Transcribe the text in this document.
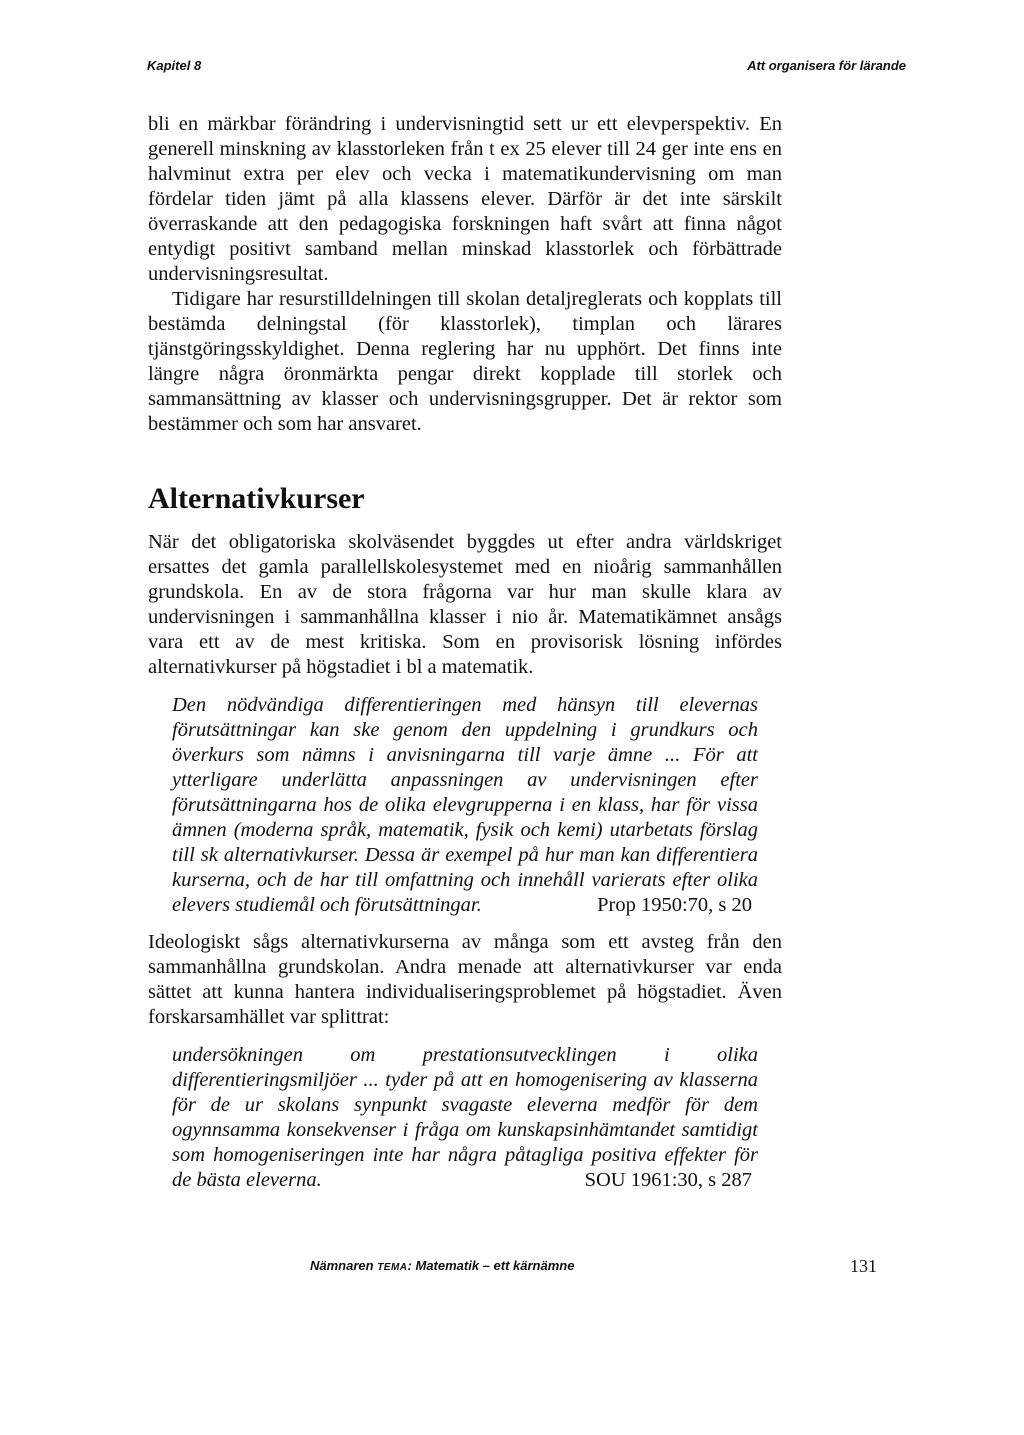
Kapitel 8	Att organisera för lärande

bli en märkbar förändring i undervisningtid sett ur ett elevperspektiv. En generell minskning av klasstorleken från t ex 25 elever till 24 ger inte ens en halvminut extra per elev och vecka i matematikundervisning om man fördelar tiden jämt på alla klassens elever. Därför är det inte särskilt överraskande att den pedagogiska forskningen haft svårt att finna något entydigt positivt samband mellan minskad klasstorlek och förbättrade undervisningsresultat.

Tidigare har resurstilldelningen till skolan detaljreglerats och kopplats till bestämda delningstal (för klasstorlek), timplan och lärares tjänstgöringsskyldighet. Denna reglering har nu upphört. Det finns inte längre några öronmärkta pengar direkt kopplade till storlek och sammansättning av klasser och undervisningsgrupper. Det är rektor som bestämmer och som har ansvaret.

Alternativkurser

När det obligatoriska skolväsendet byggdes ut efter andra världskriget ersattes det gamla parallellskolesystemet med en nioårig sammanhållen grundskola. En av de stora frågorna var hur man skulle klara av undervisningen i sammanhållna klasser i nio år. Matematikämnet ansågs vara ett av de mest kritiska. Som en provisorisk lösning infördes alternativkurser på högstadiet i bl a matematik.

Den nödvändiga differentieringen med hänsyn till elevernas förutsättningar kan ske genom den uppdelning i grundkurs och överkurs som nämns i anvisningarna till varje ämne ... För att ytterligare underlätta anpassningen av undervisningen efter förutsättningarna hos de olika elevgrupperna i en klass, har för vissa ämnen (moderna språk, matematik, fysik och kemi) utarbetats förslag till sk alternativkurser. Dessa är exempel på hur man kan differentiera kurserna, och de har till omfattning och innehåll varierats efter olika elevers studiemål och förutsättningar.	Prop 1950:70, s 20

Ideologiskt sågs alternativkurserna av många som ett avsteg från den sammanhållna grundskolan. Andra menade att alternativkurser var enda sättet att kunna hantera individualiseringsproblemet på högstadiet. Även forskarsamhället var splittrat:

undersökningen om prestationsutvecklingen i olika differentieringsmiljöer ... tyder på att en homogenisering av klasserna för de ur skolans synpunkt svagaste eleverna medför för dem ogynnsamma konsekvenser i fråga om kunskapsinhämtandet samtidigt som homogeniseringen inte har några påtagliga positiva effekter för de bästa eleverna.	SOU 1961:30, s 287
Nämnaren TEMA: Matematik – ett kärnämne	131
